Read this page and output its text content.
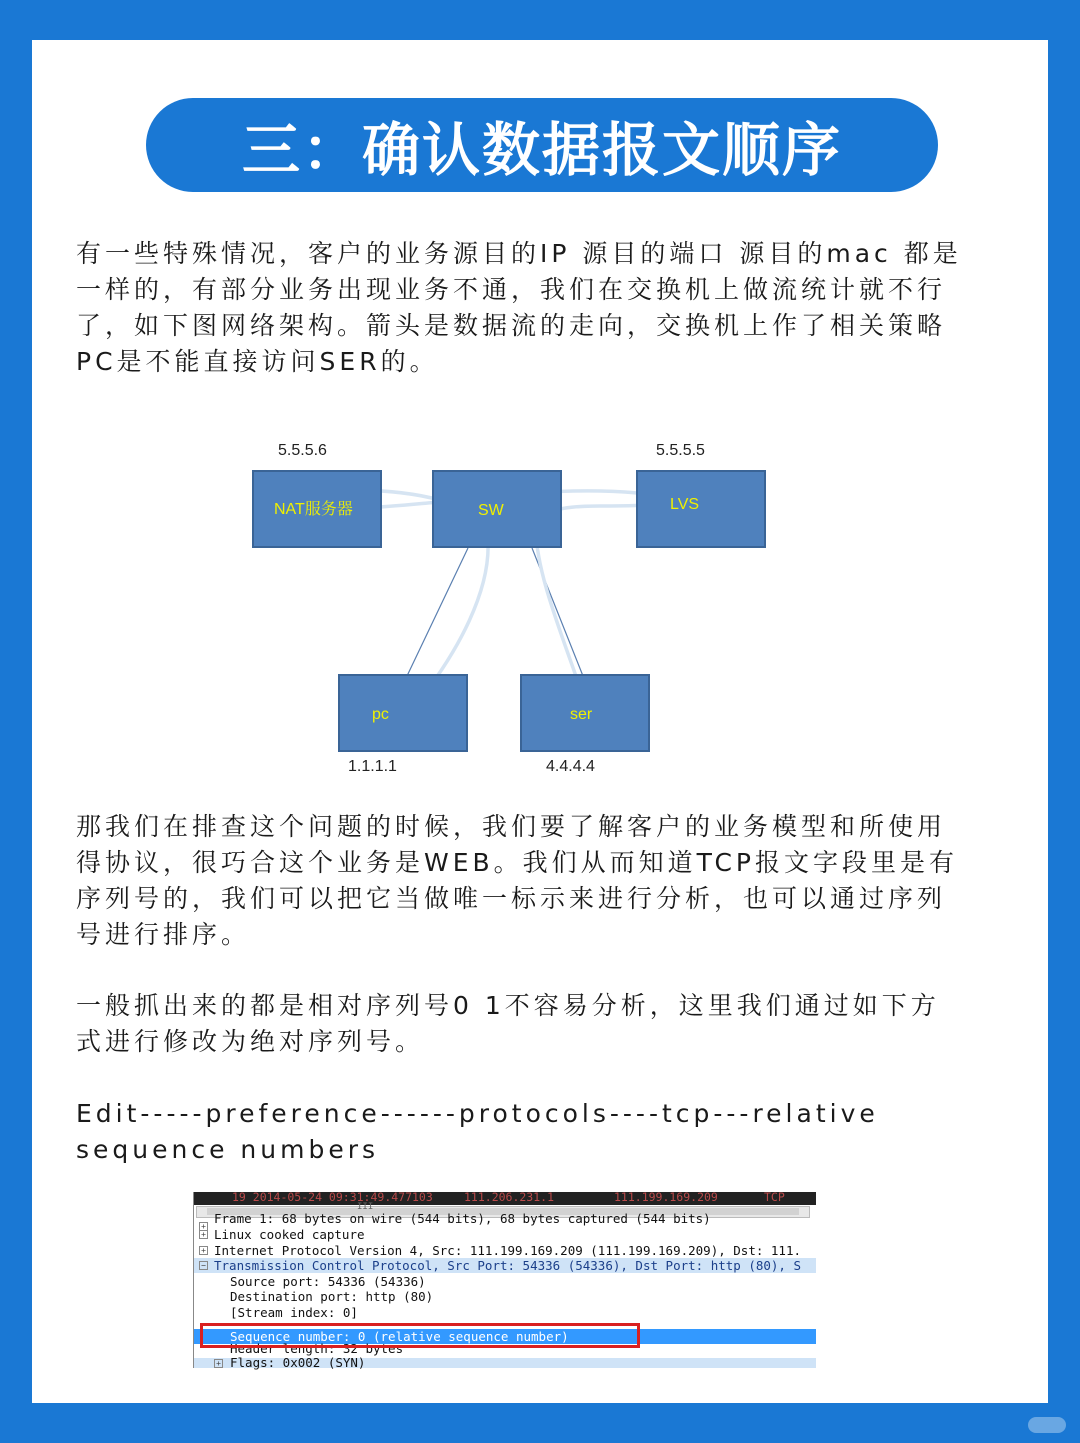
三：确认数据报文顺序
有一些特殊情况，客户的业务源目的IP 源目的端口 源目的mac 都是
一样的，有部分业务出现业务不通，我们在交换机上做流统计就不行
了，如下图网络架构。箭头是数据流的走向，交换机上作了相关策略
PC是不能直接访问SER的。
5.5.5.6	5.5.5.5
NAT服务器	SW	LVS
pc	ser
1.1.1.1	4.4.4.4
那我们在排查这个问题的时候，我们要了解客户的业务模型和所使用
得协议，很巧合这个业务是WEB。我们从而知道TCP报文字段里是有
序列号的，我们可以把它当做唯一标示来进行分析，也可以通过序列
号进行排序。
一般抓出来的都是相对序列号0 1不容易分析，这里我们通过如下方
式进行修改为绝对序列号。
Edit-----preference------protocols----tcp---relative
sequence numbers
19 2014-05-24 09:31:49.477103	111.206.231.1	111.199.169.209	TCP
III
+
Frame 1: 68 bytes on wire (544 bits), 68 bytes captured (544 bits)
+ Linux cooked capture
+ Internet Protocol Version 4, Src: 111.199.169.209 (111.199.169.209), Dst: 111.
− Transmission Control Protocol, Src Port: 54336 (54336), Dst Port: http (80), S
Source port: 54336 (54336)
Destination port: http (80)
[Stream index: 0]
Sequence number: 0 (relative sequence number)
Header length: 32 bytes
+ Flags: 0x002 (SYN)
